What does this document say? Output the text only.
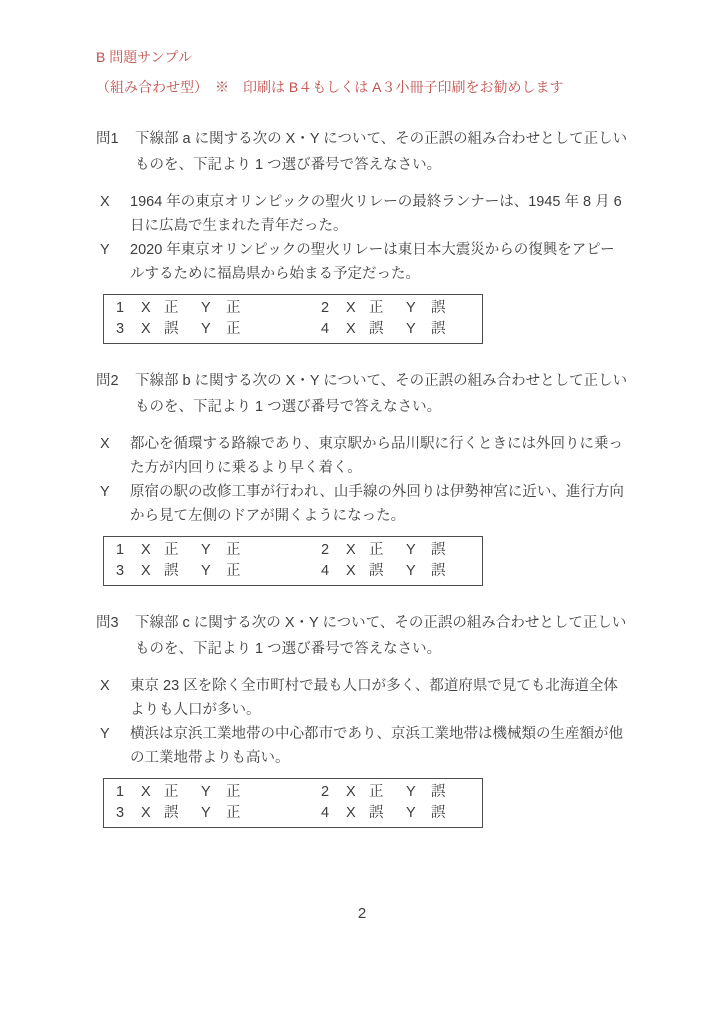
B 問題サンプル
（組み合わせ型）　※　印刷は B４もしくは A３小冊子印刷をお勧めします
問1	下線部 a に関する次の X・Y について、その正誤の組み合わせとして正しいものを、下記より 1 つ選び番号で答えなさい。
X	1964 年の東京オリンピックの聖火リレーの最終ランナーは、1945 年 8 月 6 日に広島で生まれた青年だった。
Y	2020 年東京オリンピックの聖火リレーは東日本大震災からの復興をアピールするために福島県から始まる予定だった。
1	X 正	Y	正	2	X 正	Y	誤
3	X 誤	Y	正	4	X 誤	Y	誤
問2	下線部 b に関する次の X・Y について、その正誤の組み合わせとして正しいものを、下記より 1 つ選び番号で答えなさい。
X	都心を循環する路線であり、東京駅から品川駅に行くときには外回りに乗った方が内回りに乗るより早く着く。
Y	原宿の駅の改修工事が行われ、山手線の外回りは伊勢神宮に近い、進行方向から見て左側のドアが開くようになった。
1	X 正	Y	正	2	X 正	Y	誤
3	X 誤	Y	正	4	X 誤	Y	誤
問3	下線部 c に関する次の X・Y について、その正誤の組み合わせとして正しいものを、下記より 1 つ選び番号で答えなさい。
X	東京 23 区を除く全市町村で最も人口が多く、都道府県で見ても北海道全体よりも人口が多い。
Y	横浜は京浜工業地帯の中心都市であり、京浜工業地帯は機械類の生産額が他の工業地帯よりも高い。
1	X 正	Y	正	2	X 正	Y	誤
3	X 誤	Y	正	4	X 誤	Y	誤
2
